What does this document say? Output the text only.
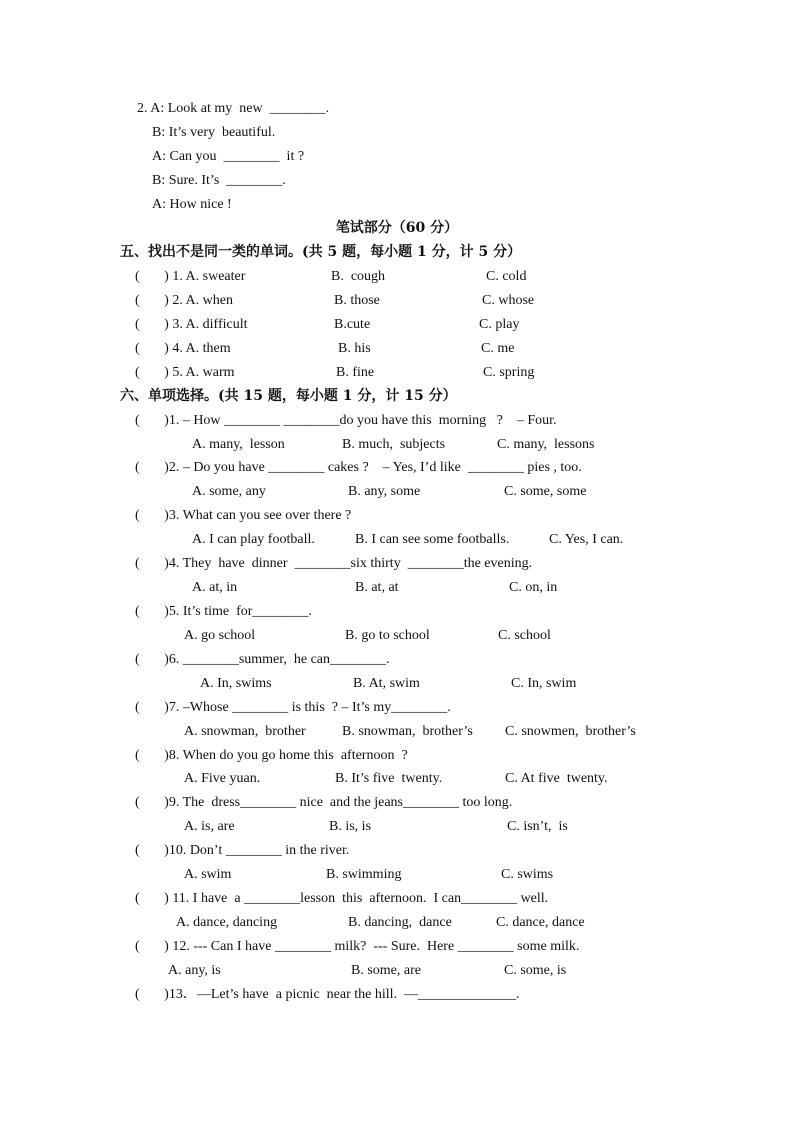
2. A: Look at my  new  ________.
B: It’s very  beautiful.
A: Can you  ________  it ?
B: Sure. It’s  ________.
A: How nice !
笔试部分（60 分）
五、找出不是同一类的单词。(共 5 题，每小题 1 分，计 5 分）
(       ) 1. A. sweater	B.  cough	C. cold
(       ) 2. A. when	B. those	C. whose
(       ) 3. A. difficult	B.cute	C. play
(       ) 4. A. them	B. his	C. me
(       ) 5. A. warm	B. fine	C. spring
六、单项选择。(共 15 题，每小题 1 分，计 15 分）
(       )1. – How ________ ________do you have this  morning   ?    – Four.
A. many,  lesson	B. much,  subjects	C. many,  lessons
(       )2. – Do you have ________ cakes ?    – Yes, I’d like  ________ pies , too.
A. some, any	B. any, some	C. some, some
(       )3. What can you see over there ?
A. I can play football.	B. I can see some footballs.	C. Yes, I can.
(       )4. They  have  dinner  ________six thirty  ________the evening.
A. at, in	B. at, at	C. on, in
(       )5. It’s time  for________.
A. go school	B. go to school	C. school
(       )6. ________summer,  he can________.
A. In, swims	B. At, swim	C. In, swim
(       )7. –Whose ________ is this  ? – It’s my________.
A. snowman,  brother	B. snowman,  brother’s C. snowmen,  brother’s
(       )8. When do you go home this  afternoon  ?
A. Five yuan.	B. It’s five  twenty.	C. At five  twenty.
(       )9. The  dress________ nice  and the jeans________ too long.
A. is, are	B. is, is	C. isn’t,  is
(       )10. Don’t ________ in the river.
A. swim	B. swimming	C. swims
(       ) 11. I have  a ________lesson  this  afternoon.  I can________ well.
A. dance, dancing	B. dancing,  dance	C. dance, dance
(       ) 12. --- Can I have ________ milk?  --- Sure.  Here ________ some milk.
A. any, is	B. some, are	C. some, is
(       )13．—Let’s have  a picnic  near the hill.  —______________.
